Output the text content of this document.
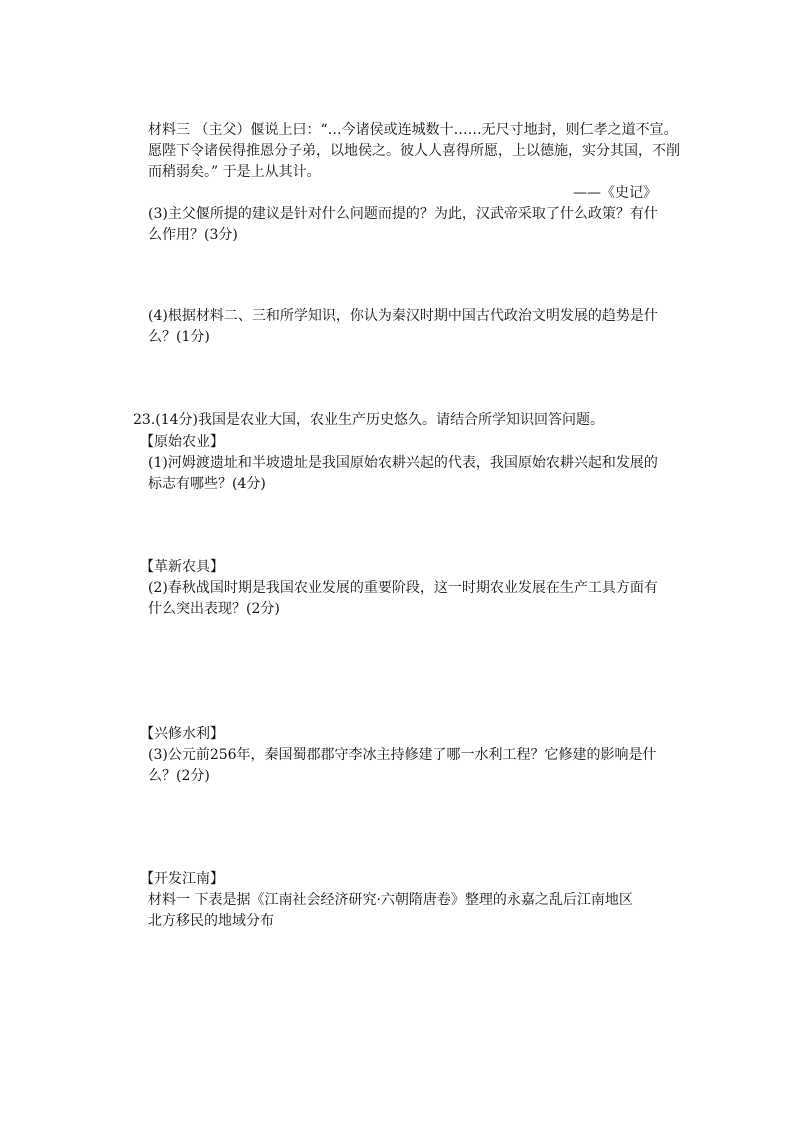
材料三 （主父）偃说上曰：“…今诸侯或连城数十……无尺寸地封，则仁孝之道不宣。
愿陛下令诸侯得推恩分子弟，以地侯之。彼人人喜得所愿，上以德施，实分其国，不削
而稍弱矣。” 于是上从其计。
——《史记》
(3)主父偃所提的建议是针对什么问题而提的？为此，汉武帝采取了什么政策？有什
么作用？(3分)
(4)根据材料二、三和所学知识，你认为秦汉时期中国古代政治文明发展的趋势是什
么？(1分)
23.(14分)我国是农业大国，农业生产历史悠久。请结合所学知识回答问题。
【原始农业】
(1)河姆渡遗址和半坡遗址是我国原始农耕兴起的代表，我国原始农耕兴起和发展的
标志有哪些？(4分)
【革新农具】
(2)春秋战国时期是我国农业发展的重要阶段，这一时期农业发展在生产工具方面有
什么突出表现？(2分)
【兴修水利】
(3)公元前256年，秦国蜀郡郡守李冰主持修建了哪一水利工程？它修建的影响是什
么？(2分)
【开发江南】
材料一 下表是据《江南社会经济研究·六朝隋唐卷》整理的永嘉之乱后江南地区
北方移民的地域分布
